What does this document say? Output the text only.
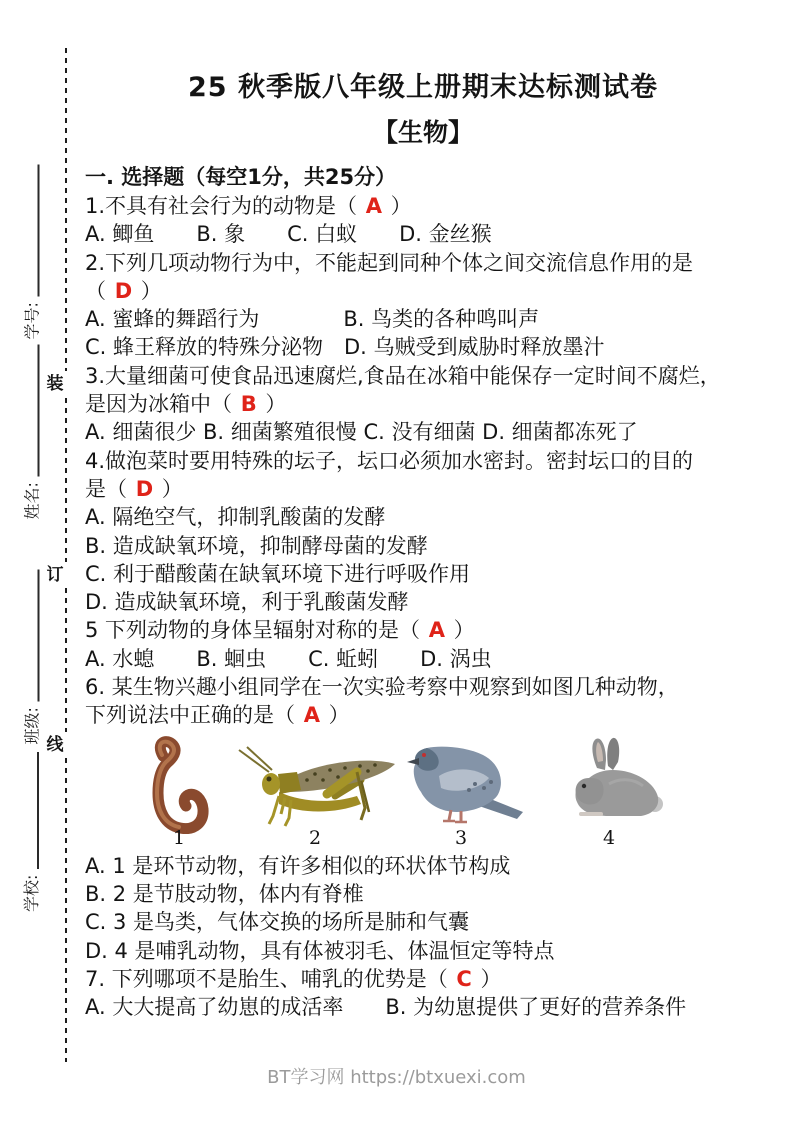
装
订
线
学号:
姓名:
班级:
学校:
25 秋季版八年级上册期末达标测试卷
【生物】
一. 选择题（每空1分，共25分）
1.不具有社会行为的动物是（ A ）
A. 鲫鱼　　B. 象　　C. 白蚁　　D. 金丝猴
2.下列几项动物行为中，不能起到同种个体之间交流信息作用的是
（ D ）
A. 蜜蜂的舞蹈行为　　　　B. 鸟类的各种鸣叫声
C. 蜂王释放的特殊分泌物　D. 乌贼受到威胁时释放墨汁
3.大量细菌可使食品迅速腐烂,食品在冰箱中能保存一定时间不腐烂，
是因为冰箱中（ B ）
A. 细菌很少 B. 细菌繁殖很慢 C. 没有细菌 D. 细菌都冻死了
4.做泡菜时要用特殊的坛子，坛口必须加水密封。密封坛口的目的
是（ D ）
A. 隔绝空气，抑制乳酸菌的发酵
B. 造成缺氧环境，抑制酵母菌的发酵
C. 利于醋酸菌在缺氧环境下进行呼吸作用
D. 造成缺氧环境，利于乳酸菌发酵
5 下列动物的身体呈辐射对称的是（ A ）
A. 水螅　　B. 蛔虫　　C. 蚯蚓　　D. 涡虫
6. 某生物兴趣小组同学在一次实验考察中观察到如图几种动物，
下列说法中正确的是（ A ）
1	2	3	4
A. 1 是环节动物，有许多相似的环状体节构成
B. 2 是节肢动物，体内有脊椎
C. 3 是鸟类，气体交换的场所是肺和气囊
D. 4 是哺乳动物，具有体被羽毛、体温恒定等特点
7. 下列哪项不是胎生、哺乳的优势是（ C ）
A. 大大提高了幼崽的成活率　　B. 为幼崽提供了更好的营养条件
BT学习网 https://btxuexi.com
